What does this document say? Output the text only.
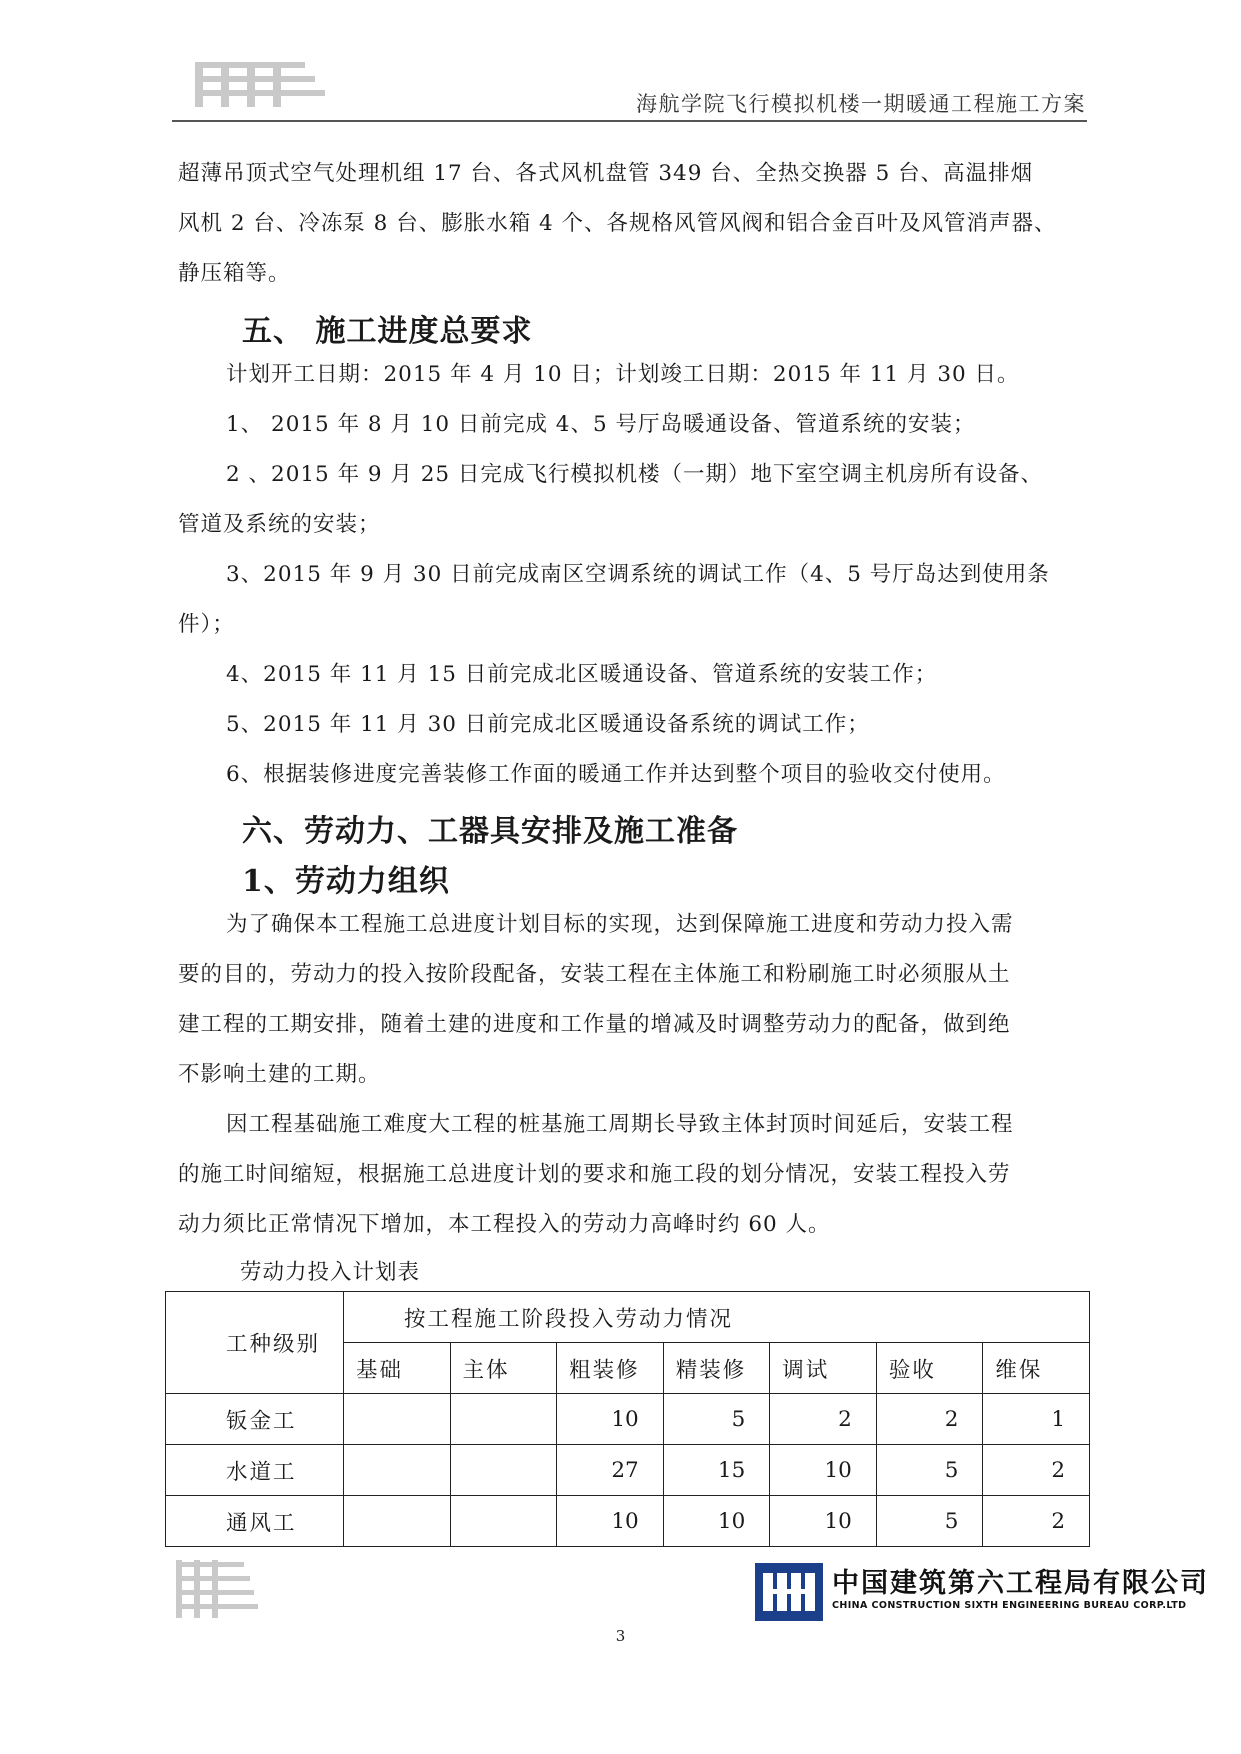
海航学院飞行模拟机楼一期暖通工程施工方案
超薄吊顶式空气处理机组 17 台、各式风机盘管 349 台、全热交换器 5 台、高温排烟
风机 2 台、冷冻泵 8 台、膨胀水箱 4 个、各规格风管风阀和铝合金百叶及风管消声器、
静压箱等。
五、 施工进度总要求
计划开工日期：2015 年 4 月 10 日；计划竣工日期：2015 年 11 月 30 日。
1、 2015 年 8 月 10 日前完成 4、5 号厅岛暖通设备、管道系统的安装；
2 、2015 年 9 月 25 日完成飞行模拟机楼（一期）地下室空调主机房所有设备、
管道及系统的安装；
3、2015 年 9 月 30 日前完成南区空调系统的调试工作（4、5 号厅岛达到使用条
件）；
4、2015 年 11 月 15 日前完成北区暖通设备、管道系统的安装工作；
5、2015 年 11 月 30 日前完成北区暖通设备系统的调试工作；
6、根据装修进度完善装修工作面的暖通工作并达到整个项目的验收交付使用。
六、劳动力、工器具安排及施工准备
1、劳动力组织
为了确保本工程施工总进度计划目标的实现，达到保障施工进度和劳动力投入需
要的目的，劳动力的投入按阶段配备，安装工程在主体施工和粉刷施工时必须服从土
建工程的工期安排，随着土建的进度和工作量的增减及时调整劳动力的配备，做到绝
不影响土建的工期。
因工程基础施工难度大工程的桩基施工周期长导致主体封顶时间延后，安装工程
的施工时间缩短，根据施工总进度计划的要求和施工段的划分情况，安装工程投入劳
动力须比正常情况下增加，本工程投入的劳动力高峰时约 60 人。
劳动力投入计划表
工种级别	按工程施工阶段投入劳动力情况						
	基础	主体	粗装修	精装修	调试	验收	维保
钣金工			10	5	2	2	1
水道工			27	15	10	5	2
通风工			10	10	10	5	2
中国建筑第六工程局有限公司
CHINA CONSTRUCTION SIXTH ENGINEERING BUREAU CORP.LTD
3
